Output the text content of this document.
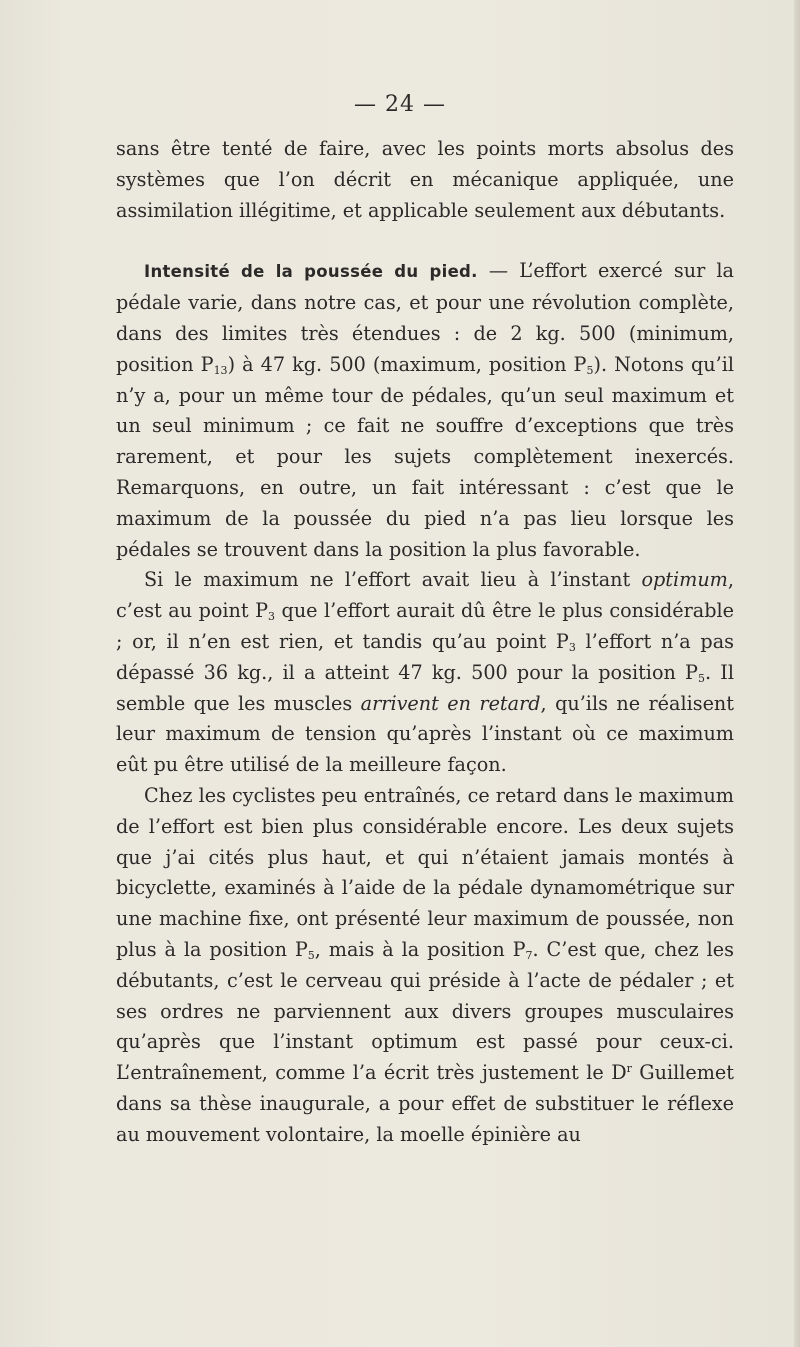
— 24 —

sans être tenté de faire, avec les points morts absolus des systèmes que l’on décrit en mécanique appliquée, une assimilation illégitime, et applicable seulement aux débutants.

Intensité de la poussée du pied. — L’effort exercé sur la pédale varie, dans notre cas, et pour une révolution complète, dans des limites très étendues : de 2 kg. 500 (minimum, position $P_{13}$) à 47 kg. 500 (maximum, position $P_5$). Notons qu’il n’y a, pour un même tour de pédales, qu’un seul maximum et un seul minimum ; ce fait ne souffre d’exceptions que très rarement, et pour les sujets complètement inexercés. Remarquons, en outre, un fait intéressant : c’est que le maximum de la poussée du pied n’a pas lieu lorsque les pédales se trouvent dans la position la plus favorable.

Si le maximum ne l’effort avait lieu à l’instant optimum, c’est au point $P_3$ que l’effort aurait dû être le plus considérable ; or, il n’en est rien, et tandis qu’au point $P_3$ l’effort n’a pas dépassé 36 kg., il a atteint 47 kg. 500 pour la position $P_5$. Il semble que les muscles arrivent en retard, qu’ils ne réalisent leur maximum de tension qu’après l’instant où ce maximum eût pu être utilisé de la meilleure façon.

Chez les cyclistes peu entraînés, ce retard dans le maximum de l’effort est bien plus considérable encore. Les deux sujets que j’ai cités plus haut, et qui n’étaient jamais montés à bicyclette, examinés à l’aide de la pédale dynamométrique sur une machine fixe, ont présenté leur maximum de poussée, non plus à la position $P_5$, mais à la position $P_7$. C’est que, chez les débutants, c’est le cerveau qui préside à l’acte de pédaler ; et ses ordres ne parviennent aux divers groupes musculaires qu’après que l’instant optimum est passé pour ceux-ci. L’entraînement, comme l’a écrit très justement le $D^r$ Guillemet dans sa thèse inaugurale, a pour effet de substituer le réflexe au mouvement volontaire, la moelle épinière au
